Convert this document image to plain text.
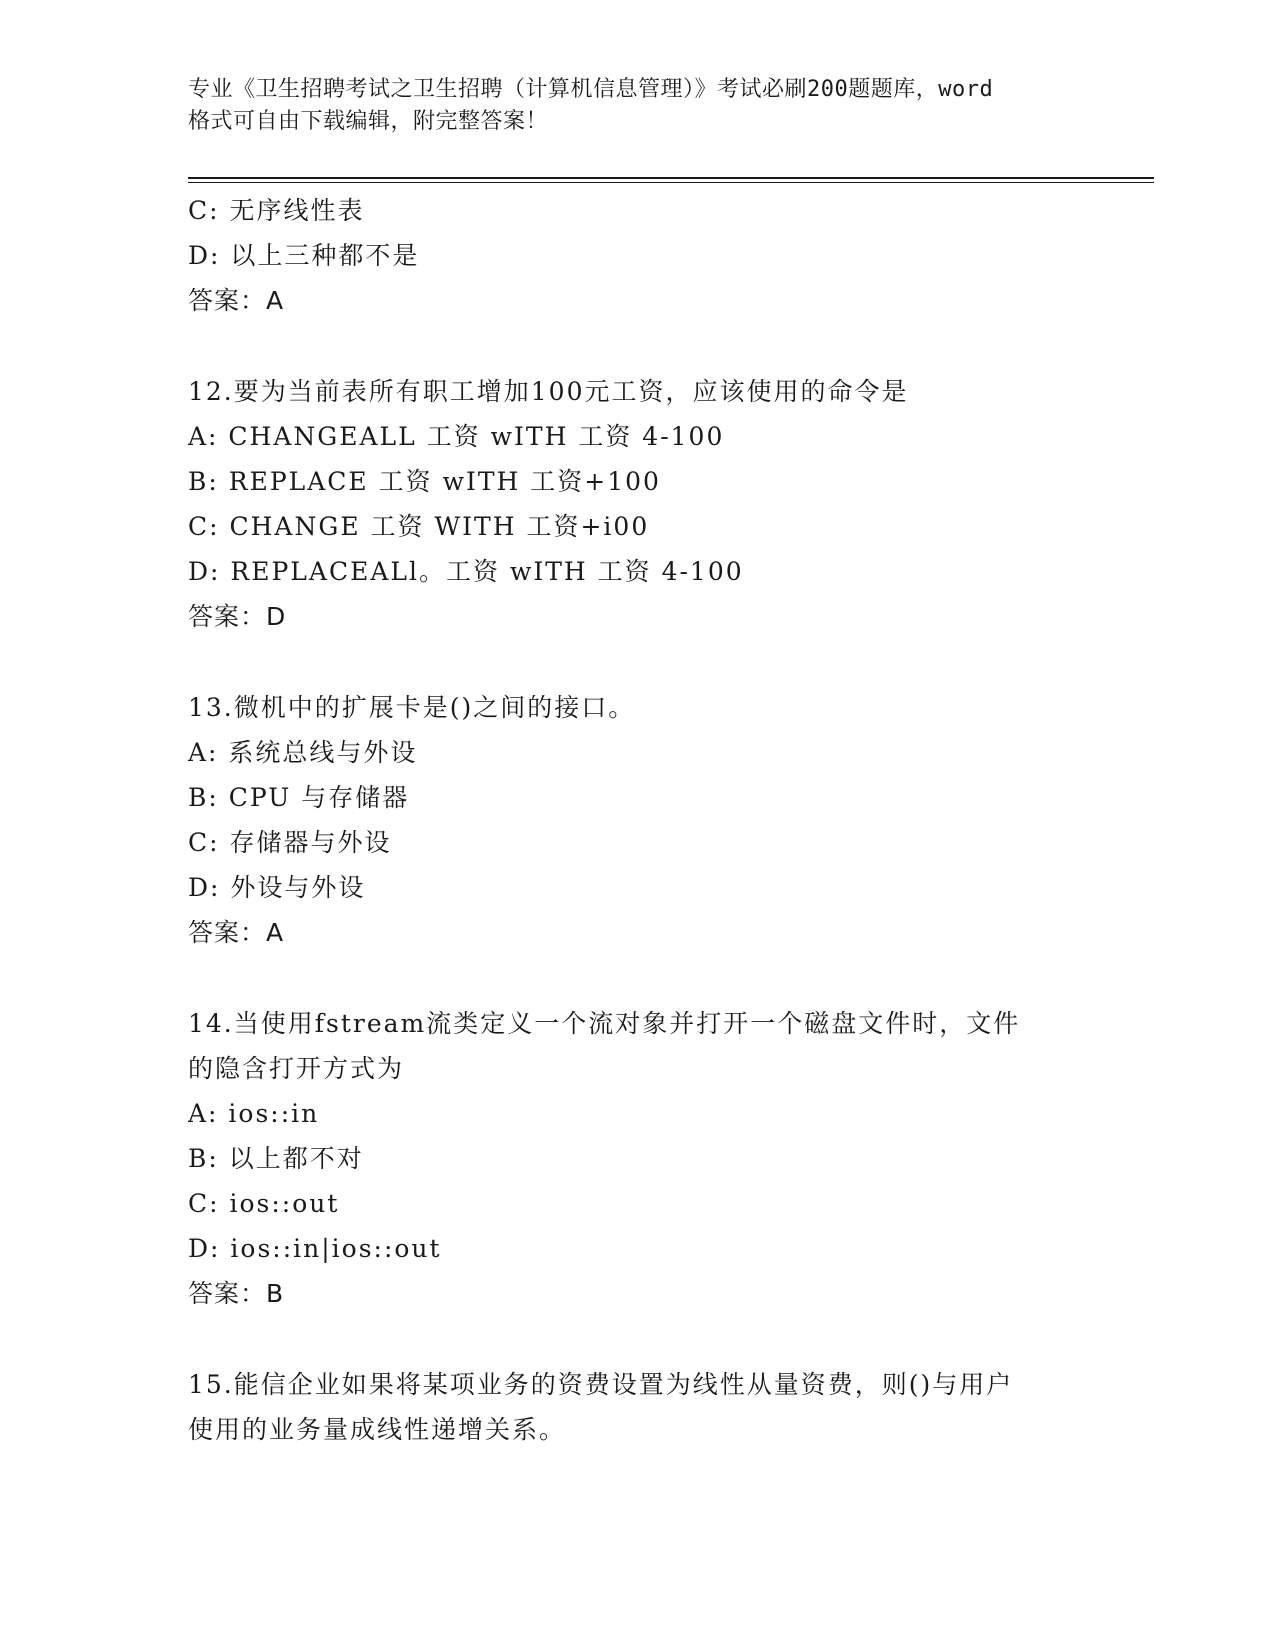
专业《卫生招聘考试之卫生招聘（计算机信息管理）》考试必刷200题题库，word
格式可自由下载编辑，附完整答案！
C: 无序线性表
D: 以上三种都不是
答案：A
12.要为当前表所有职工增加100元工资，应该使用的命令是
A: CHANGEALL 工资 wITH 工资 4-100
B: REPLACE 工资 wITH 工资+100
C: CHANGE 工资 WITH 工资+i00
D: REPLACEALl。工资 wITH 工资 4-100
答案：D
13.微机中的扩展卡是()之间的接口。
A: 系统总线与外设
B: CPU 与存储器
C: 存储器与外设
D: 外设与外设
答案：A
14.当使用fstream流类定义一个流对象并打开一个磁盘文件时，文件
的隐含打开方式为
A: ios::in
B: 以上都不对
C: ios::out
D: ios::in|ios::out
答案：B
15.能信企业如果将某项业务的资费设置为线性从量资费，则()与用户
使用的业务量成线性递增关系。
